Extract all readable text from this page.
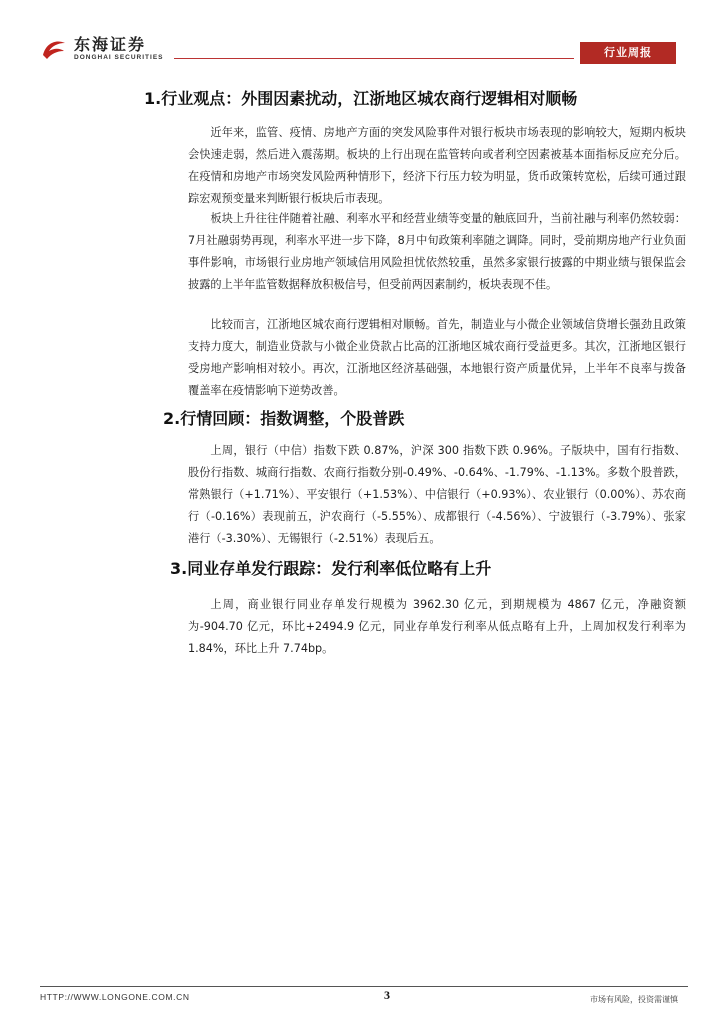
东海证券
DONGHAI SECURITIES	行业周报
1.行业观点：外围因素扰动，江浙地区城农商行逻辑相对顺畅
近年来，监管、疫情、房地产方面的突发风险事件对银行板块市场表现的影响较大，短期内板块会快速走弱，然后进入震荡期。板块的上行出现在监管转向或者利空因素被基本面指标反应充分后。在疫情和房地产市场突发风险两种情形下，经济下行压力较为明显，货币政策转宽松，后续可通过跟踪宏观预变量来判断银行板块后市表现。
板块上升往往伴随着社融、利率水平和经营业绩等变量的触底回升，当前社融与利率仍然较弱：7月社融弱势再现，利率水平进一步下降，8月中旬政策利率随之调降。同时，受前期房地产行业负面事件影响，市场银行业房地产领域信用风险担忧依然较重，虽然多家银行披露的中期业绩与银保监会披露的上半年监管数据释放积极信号，但受前两因素制约，板块表现不佳。
比较而言，江浙地区城农商行逻辑相对顺畅。首先，制造业与小微企业领域信贷增长强劲且政策支持力度大，制造业贷款与小微企业贷款占比高的江浙地区城农商行受益更多。其次，江浙地区银行受房地产影响相对较小。再次，江浙地区经济基础强，本地银行资产质量优异，上半年不良率与拨备覆盖率在疫情影响下逆势改善。
2.行情回顾：指数调整，个股普跌
上周，银行（中信）指数下跌 0.87%，沪深 300 指数下跌 0.96%。子版块中，国有行指数、股份行指数、城商行指数、农商行指数分别-0.49%、-0.64%、-1.79%、-1.13%。多数个股普跌，常熟银行（+1.71%）、平安银行（+1.53%）、中信银行（+0.93%）、农业银行（0.00%）、苏农商行（-0.16%）表现前五，沪农商行（-5.55%）、成都银行（-4.56%）、宁波银行（-3.79%）、张家港行（-3.30%）、无锡银行（-2.51%）表现后五。
3.同业存单发行跟踪：发行利率低位略有上升
上周，商业银行同业存单发行规模为 3962.30 亿元，到期规模为 4867 亿元，净融资额为-904.70 亿元，环比+2494.9 亿元，同业存单发行利率从低点略有上升，上周加权发行利率为 1.84%，环比上升 7.74bp。
HTTP://WWW.LONGONE.COM.CN	3	市场有风险，投资需谨慎
